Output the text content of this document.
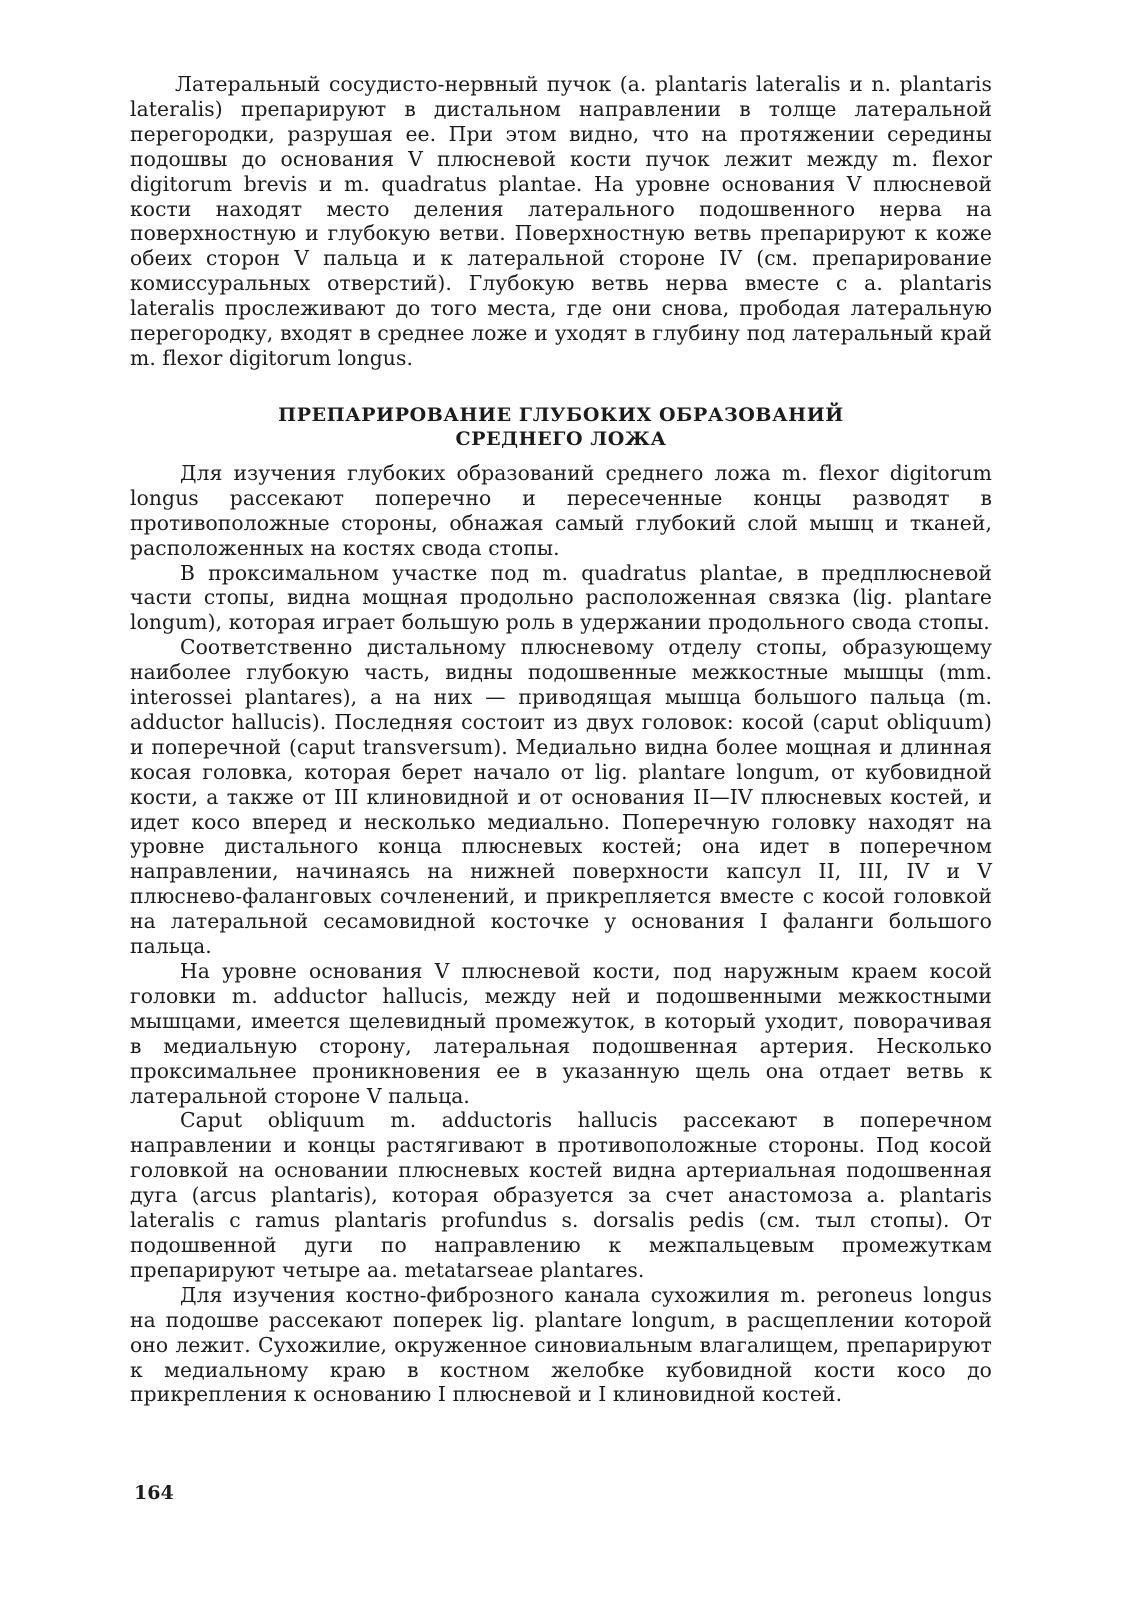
Латеральный сосудисто-нервный пучок (a. plantaris lateralis и n. plantaris lateralis) препарируют в дистальном направлении в толще латеральной перегородки, разрушая ее. При этом видно, что на протяжении середины подошвы до основания V плюсневой кости пучок лежит между m. flexor digitorum brevis и m. quadratus plantae. На уровне основания V плюсневой кости находят место деления латерального подошвенного нерва на поверхностную и глубокую ветви. Поверхностную ветвь препарируют к коже обеих сторон V пальца и к латеральной стороне IV (см. препарирование комиссуральных отверстий). Глубокую ветвь нерва вместе с a. plantaris lateralis прослеживают до того места, где они снова, прободая латеральную перегородку, входят в среднее ложе и уходят в глубину под латеральный край m. flexor digitorum longus.

ПРЕПАРИРОВАНИЕ ГЛУБОКИХ ОБРАЗОВАНИЙ
СРЕДНЕГО ЛОЖА

Для изучения глубоких образований среднего ложа m. flexor digitorum longus рассекают поперечно и пересеченные концы разводят в противоположные стороны, обнажая самый глубокий слой мышц и тканей, расположенных на костях свода стопы.

В проксимальном участке под m. quadratus plantae, в предплюсневой части стопы, видна мощная продольно расположенная связка (lig. plantare longum), которая играет большую роль в удержании продольного свода стопы.

Соответственно дистальному плюсневому отделу стопы, образующему наиболее глубокую часть, видны подошвенные межкостные мышцы (mm. interossei plantares), а на них — приводящая мышца большого пальца (m. adductor hallucis). Последняя состоит из двух головок: косой (caput obliquum) и поперечной (caput transversum). Медиально видна более мощная и длинная косая головка, которая берет начало от lig. plantare longum, от кубовидной кости, а также от III клиновидной и от основания II—IV плюсневых костей, и идет косо вперед и несколько медиально. Поперечную головку находят на уровне дистального конца плюсневых костей; она идет в поперечном направлении, начинаясь на нижней поверхности капсул II, III, IV и V плюснево-фаланговых сочленений, и прикрепляется вместе с косой головкой на латеральной сесамовидной косточке у основания I фаланги большого пальца.

На уровне основания V плюсневой кости, под наружным краем косой головки m. adductor hallucis, между ней и подошвенными межкостными мышцами, имеется щелевидный промежуток, в который уходит, поворачивая в медиальную сторону, латеральная подошвенная артерия. Несколько проксимальнее проникновения ее в указанную щель она отдает ветвь к латеральной стороне V пальца.

Caput obliquum m. adductoris hallucis рассекают в поперечном направлении и концы растягивают в противоположные стороны. Под косой головкой на основании плюсневых костей видна артериальная подошвенная дуга (arcus plantaris), которая образуется за счет анастомоза a. plantaris lateralis с ramus plantaris profundus s. dorsalis pedis (см. тыл стопы). От подошвенной дуги по направлению к межпальцевым промежуткам препарируют четыре aa. metatarseae plantares.

Для изучения костно-фиброзного канала сухожилия m. peroneus longus на подошве рассекают поперек lig. plantare longum, в расщеплении которой оно лежит. Сухожилие, окруженное синовиальным влагалищем, препарируют к медиальному краю в костном желобке кубовидной кости косо до прикрепления к основанию I плюсневой и I клиновидной костей.

164
